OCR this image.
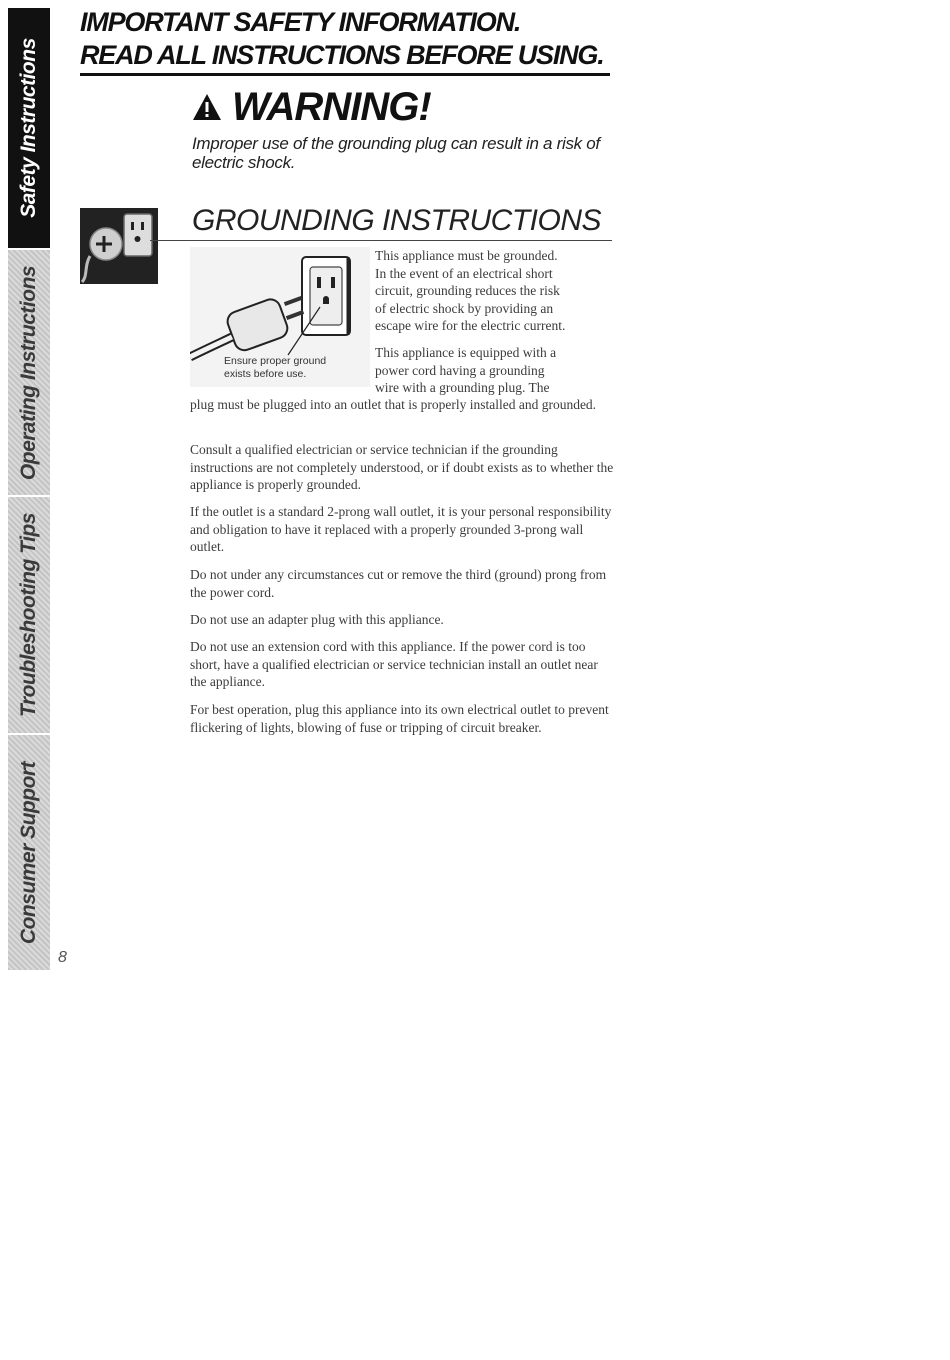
Safety Instructions
Operating Instructions
Troubleshooting Tips
Consumer Support
8
IMPORTANT SAFETY INFORMATION.
READ ALL INSTRUCTIONS BEFORE USING.
WARNING!
Improper use of the grounding plug can result in a risk of electric shock.
GROUNDING INSTRUCTIONS
Ensure proper ground
exists before use.
This appliance must be grounded.
In the event of an electrical short
circuit, grounding reduces the risk
of electric shock by providing an
escape wire for the electric current.
This appliance is equipped with a
power cord having a grounding
wire with a grounding plug. The

plug must be plugged into an outlet that is properly installed and grounded.

Consult a qualified electrician or service technician if the grounding instructions are not completely understood, or if doubt exists as to whether the appliance is properly grounded.

If the outlet is a standard 2-prong wall outlet, it is your personal responsibility and obligation to have it replaced with a properly grounded 3-prong wall outlet.

Do not under any circumstances cut or remove the third (ground) prong from the power cord.

Do not use an adapter plug with this appliance.

Do not use an extension cord with this appliance. If the power cord is too short, have a qualified electrician or service technician install an outlet near the appliance.

For best operation, plug this appliance into its own electrical outlet to prevent flickering of lights, blowing of fuse or tripping of circuit breaker.
